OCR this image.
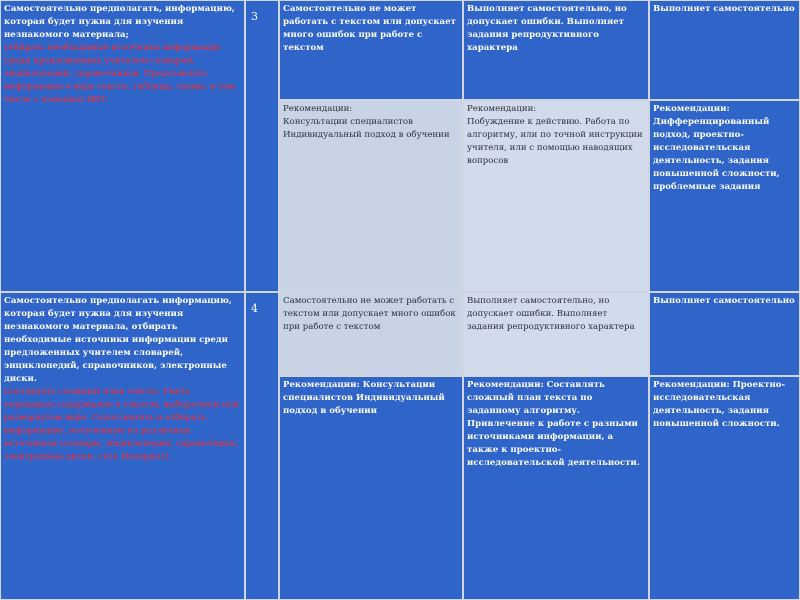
Самостоятельно предполагать, информацию, которая будет нужна для изучения незнакомого материала;

отбирать необходимые источники информации среди предложенных учителем словарей, энциклопедий, справочников. Представлять информацию в виде текста, таблицы, схемы, в том числе с помощью ИКТ.

3

Самостоятельно не может работать с текстом или допускает много ошибок при работе с текстом

Выполняет самостоятельно, но допускает ошибки. Выполняет задания репродуктивного характера

Выполняет самостоятельно

Рекомендации:

Консультации специалистов Индивидуальный подход в обучении

Рекомендации:

Побуждение к действию. Работа по алгоритму, или по точной инструкции учителя, или с помощью наводящих вопросов

Рекомендации: Дифференцированный подход, проектно-исследовательская деятельность, задания повышенной сложности, проблемные задания

Самостоятельно предполагать информацию, которая будет нужна для изучения незнакомого материала, отбирать необходимые источники информации среди предложенных учителем словарей, энциклопедий, справочников, электронные диски.

Составлять сложный план текста. Уметь передавать содержание в сжатом, выборочном или развернутом виде. Сопоставлять и отбирать информацию, полученную из различных источников (словари, энциклопедии, справочники, электронные диски, сеть Интернет).

4

Самостоятельно не может работать с текстом или допускает много ошибок при работе с текстом

Выполняет самостоятельно, но допускает ошибки. Выполняет задания репродуктивного характера

Выполняет самостоятельно

Рекомендации: Консультации специалистов Индивидуальный подход в обучении

Рекомендации: Составлять сложный план текста по заданному алгоритму. Привлечение к работе с разными источниками информации, а также к проектно- исследовательской деятельности.

Рекомендации: Проектно-исследовательская деятельность, задания повышенной сложности.
